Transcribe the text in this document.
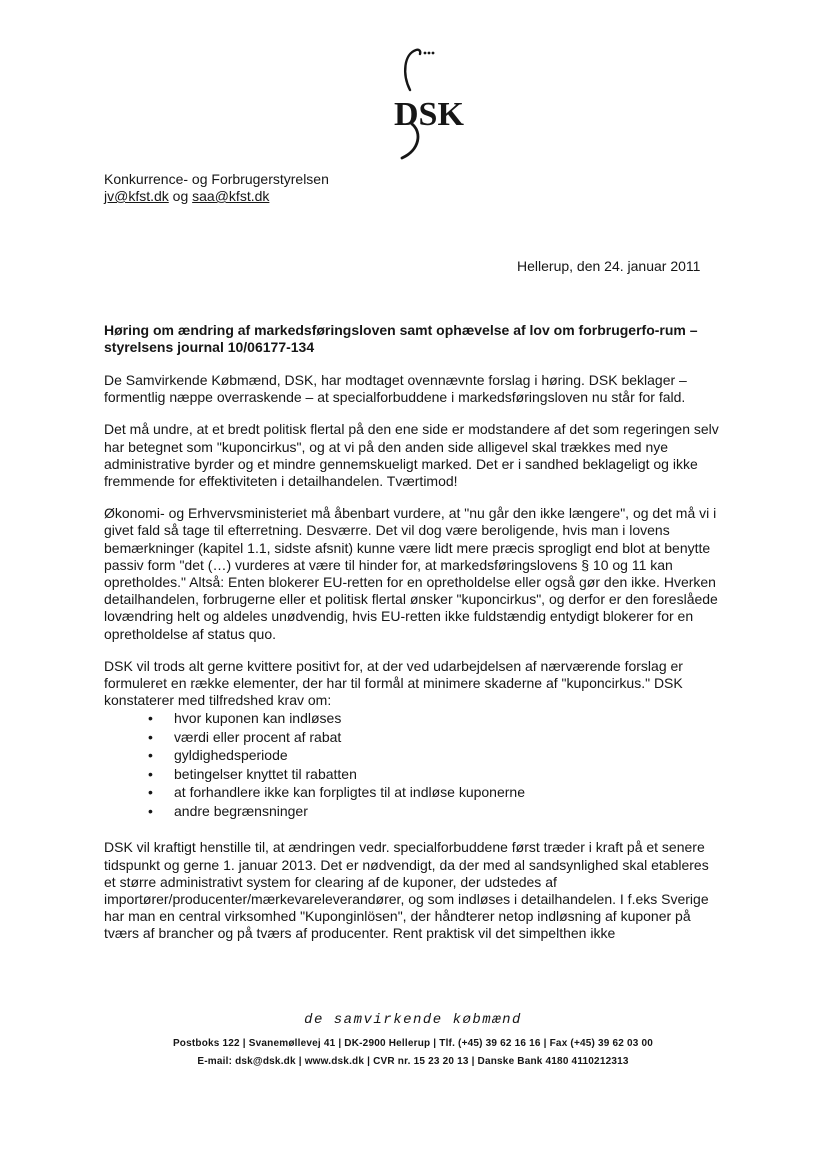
DSK
Konkurrence- og Forbrugerstyrelsen
jv@kfst.dk og saa@kfst.dk
Hellerup, den 24. januar 2011
Høring om ændring af markedsføringsloven samt ophævelse af lov om forbrugerfo-rum – styrelsens journal 10/06177-134

De Samvirkende Købmænd, DSK, har modtaget ovennævnte forslag i høring. DSK beklager – formentlig næppe overraskende – at specialforbuddene i markedsføringsloven nu står for fald.

Det må undre, at et bredt politisk flertal på den ene side er modstandere af det som regeringen selv har betegnet som "kuponcirkus", og at vi på den anden side alligevel skal trækkes med nye administrative byrder og et mindre gennemskueligt marked. Det er i sandhed beklageligt og ikke fremmende for effektiviteten i detailhandelen. Tværtimod!

Økonomi- og Erhvervsministeriet må åbenbart vurdere, at "nu går den ikke længere", og det må vi i givet fald så tage til efterretning. Desværre. Det vil dog være beroligende, hvis man i lovens bemærkninger (kapitel 1.1, sidste afsnit) kunne være lidt mere præcis sprogligt end blot at benytte passiv form "det (…) vurderes at være til hinder for, at markedsføringslovens § 10 og 11 kan opretholdes." Altså: Enten blokerer EU-retten for en opretholdelse eller også gør den ikke. Hverken detailhandelen, forbrugerne eller et politisk flertal ønsker "kuponcirkus", og derfor er den foreslåede lovændring helt og aldeles unødvendig, hvis EU-retten ikke fuldstændig entydigt blokerer for en opretholdelse af status quo.

DSK vil trods alt gerne kvittere positivt for, at der ved udarbejdelsen af nærværende forslag er formuleret en række elementer, der har til formål at minimere skaderne af "kuponcirkus." DSK konstaterer med tilfredshed krav om:

• hvor kuponen kan indløses
• værdi eller procent af rabat
• gyldighedsperiode
• betingelser knyttet til rabatten
• at forhandlere ikke kan forpligtes til at indløse kuponerne
• andre begrænsninger

DSK vil kraftigt henstille til, at ændringen vedr. specialforbuddene først træder i kraft på et senere tidspunkt og gerne 1. januar 2013. Det er nødvendigt, da der med al sandsynlighed skal etableres et større administrativt system for clearing af de kuponer, der udstedes af importører/producenter/mærkevareleverandører, og som indløses i detailhandelen. I f.eks Sverige har man en central virksomhed "Kuponginlösen", der håndterer netop indløsning af kuponer på tværs af brancher og på tværs af producenter. Rent praktisk vil det simpelthen ikke

de samvirkende købmænd
Postboks 122 | Svanemøllevej 41 | DK-2900 Hellerup | Tlf. (+45) 39 62 16 16 | Fax (+45) 39 62 03 00
E-mail: dsk@dsk.dk | www.dsk.dk | CVR nr. 15 23 20 13 | Danske Bank 4180 4110212313
